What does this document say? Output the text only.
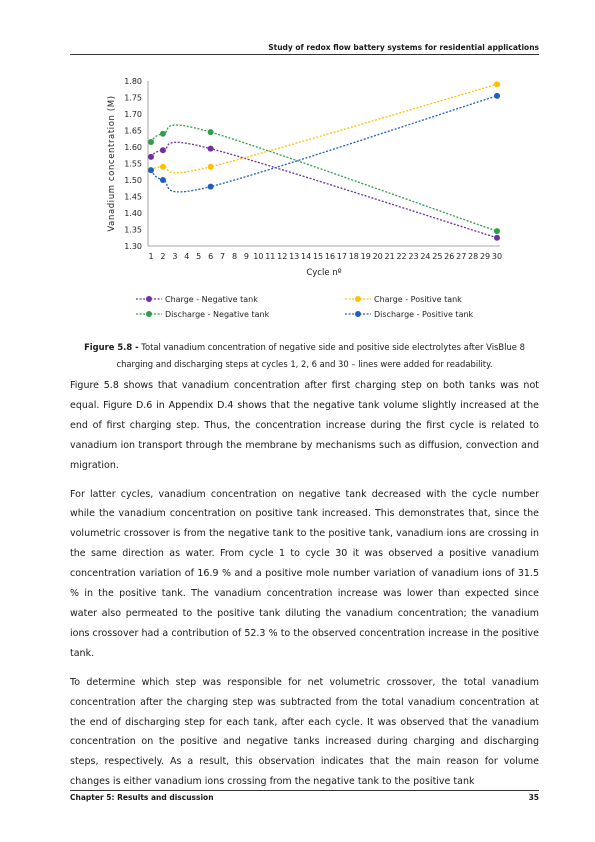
Study of redox flow battery systems for residential applications
1.30
1.35
1.40
1.45
1.50
1.55
1.60
1.65
1.70
1.75
1.80
1 2 3 4 5 6 7 8 9 10 11 12 13 14 15 16 17 18 19 20 21 22 23 24 25 26 27 28 29 30
Vanadium concentration (M)
Cycle nº
Charge - Negative tank	Charge - Positive tank
Discharge - Negative tank	Discharge - Positive tank
Figure 5.8 - Total vanadium concentration of negative side and positive side electrolytes after VisBlue 8 charging and discharging steps at cycles 1, 2, 6 and 30 – lines were added for readability.

Figure 5.8 shows that vanadium concentration after first charging step on both tanks was not equal. Figure D.6 in Appendix D.4 shows that the negative tank volume slightly increased at the end of first charging step. Thus, the concentration increase during the first cycle is related to vanadium ion transport through the membrane by mechanisms such as diffusion, convection and migration.

For latter cycles, vanadium concentration on negative tank decreased with the cycle number while the vanadium concentration on positive tank increased. This demonstrates that, since the volumetric crossover is from the negative tank to the positive tank, vanadium ions are crossing in the same direction as water. From cycle 1 to cycle 30 it was observed a positive vanadium concentration variation of 16.9 % and a positive mole number variation of vanadium ions of 31.5 % in the positive tank. The vanadium concentration increase was lower than expected since water also permeated to the positive tank diluting the vanadium concentration; the vanadium ions crossover had a contribution of 52.3 % to the observed concentration increase in the positive tank.

To determine which step was responsible for net volumetric crossover, the total vanadium concentration after the charging step was subtracted from the total vanadium concentration at the end of discharging step for each tank, after each cycle. It was observed that the vanadium concentration on the positive and negative tanks increased during charging and discharging steps, respectively. As a result, this observation indicates that the main reason for volume changes is either vanadium ions crossing from the negative tank to the positive tank

Chapter 5: Results and discussion	35
